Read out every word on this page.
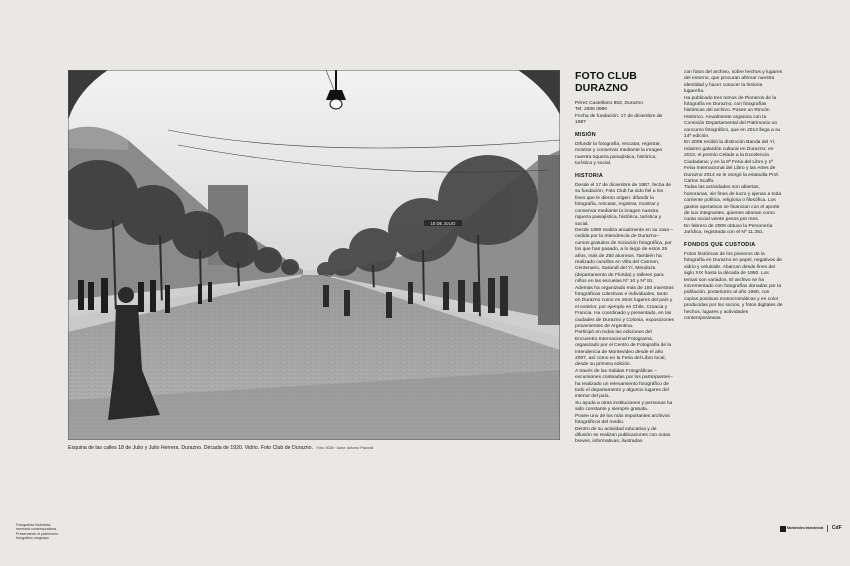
18 DE JULIO
Esquina de las calles 18 de Julio y Julio Herrera. Durazno. Década de 1920. Vidrio. Foto Club de Durazno. Foto: 0028 · Autor: Antonio Pacorali
FOTO CLUB DURAZNO
Pérez Castellano 853, Durazno
Tel: 2936 0990
Fecha de fundación: 17 de diciembre de 1987
MISIÓN
Difundir la fotografía, rescatar, registrar, mostrar y conservar mediante la imagen nuestra riqueza paisajística, histórica, turística y social.
HISTORIA
Desde el 17 de diciembre de 1987, fecha de su fundación, Foto Club ha sido fiel a los fines que le dieron origen: difundir la fotografía, rescatar, registrar, mostrar y conservar mediante la imagen nuestra riqueza paisajística, histórica, turística y social.
Desde 1990 realiza anualmente en su casa –cedida por la Intendencia de Durazno– cursos gratuitos de iniciación fotográfica, por los que han pasado, a lo largo de estos 25 años, más de 250 alumnos. También ha realizado cursillos en Villa del Carmen, Centenario, Sarandí del Yí, Mendoza (departamento de Florida) y talleres para niños en las escuelas Nº 10 y Nº 81.
Además ha organizado más de 150 muestras fotográficas colectivas e individuales, tanto en Durazno como en otros lugares del país y el exterior, por ejemplo en Chile, Croacia y Francia. Ha coordinado y presentado, en las ciudades de Durazno y Colonia, exposiciones provenientes de Argentina.
Participó en todas las ediciones del Encuentro Internacional Fotograma, organizado por el Centro de Fotografía de la Intendencia de Montevideo desde el año 2007, así como en la Feria del Libro local, desde su primera edición.
A través de las Salidas Fotográficas –excursiones costeadas por los participantes– ha realizado un relevamiento fotográfico de todo el departamento y algunos lugares del interior del país.
Su ayuda a otras instituciones y personas ha sido constante y siempre gratuita.
Posee uno de los más importantes archivos fotográficos del medio.
Dentro de su actividad educativa y de difusión se realizan publicaciones con notas breves, informativas, ilustradas
con fotos del archivo, sobre hechos y lugares del entorno, que procuran afirmar nuestra identidad y hacer conocer la historia lugareña.
Ha publicado tres tomos de Pioneros de la fotografía en Durazno, con fotografías históricas del archivo. Posee un Rincón Histórico. Anualmente organiza con la Comisión Departamental del Patrimonio un concurso fotográfico, que en 2014 llega a su 14ª edición.
En 2008 recibió la distinción Banda del Yí, máximo galardón cultural en Durazno; en 2013, el premio Celade a la Excelencia Ciudadana; y en la 8ª Feria del Libro y 1ª Feria Internacional del Libro y las Artes de Durazno 2014 se le otorgó la estatuilla Prof. Carlos Scaffo.
Todas las actividades son abiertas, honorarias, sin fines de lucro y ajenas a toda corriente política, religiosa o filosófica. Los gastos operativos se financian con el aporte de sus integrantes, quienes abonan como cuota social veinte pesos por mes.
En febrero de 2009 obtuvo la Personería Jurídica, registrada con el Nº 11.351.
FONDOS QUE CUSTODIA
Fotos históricas de los pioneros de la fotografía en Durazno en papel, negativos de vidrio y celuloide. Abarcan desde fines del siglo XIX hasta la década de 1950. Los temas son variados. El archivo se ha incrementado con fotografías donadas por la población, posteriores al año 1960, con copias positivas monocromáticas y en color producidas por los socios, y fotos digitales de hechos, lugares y actividades contemporáneas.
Fotografías históricas,
memoria contemporánea.
Preservando el patrimonio
fotográfico uruguayo
Montevideo Intendencia CdF
